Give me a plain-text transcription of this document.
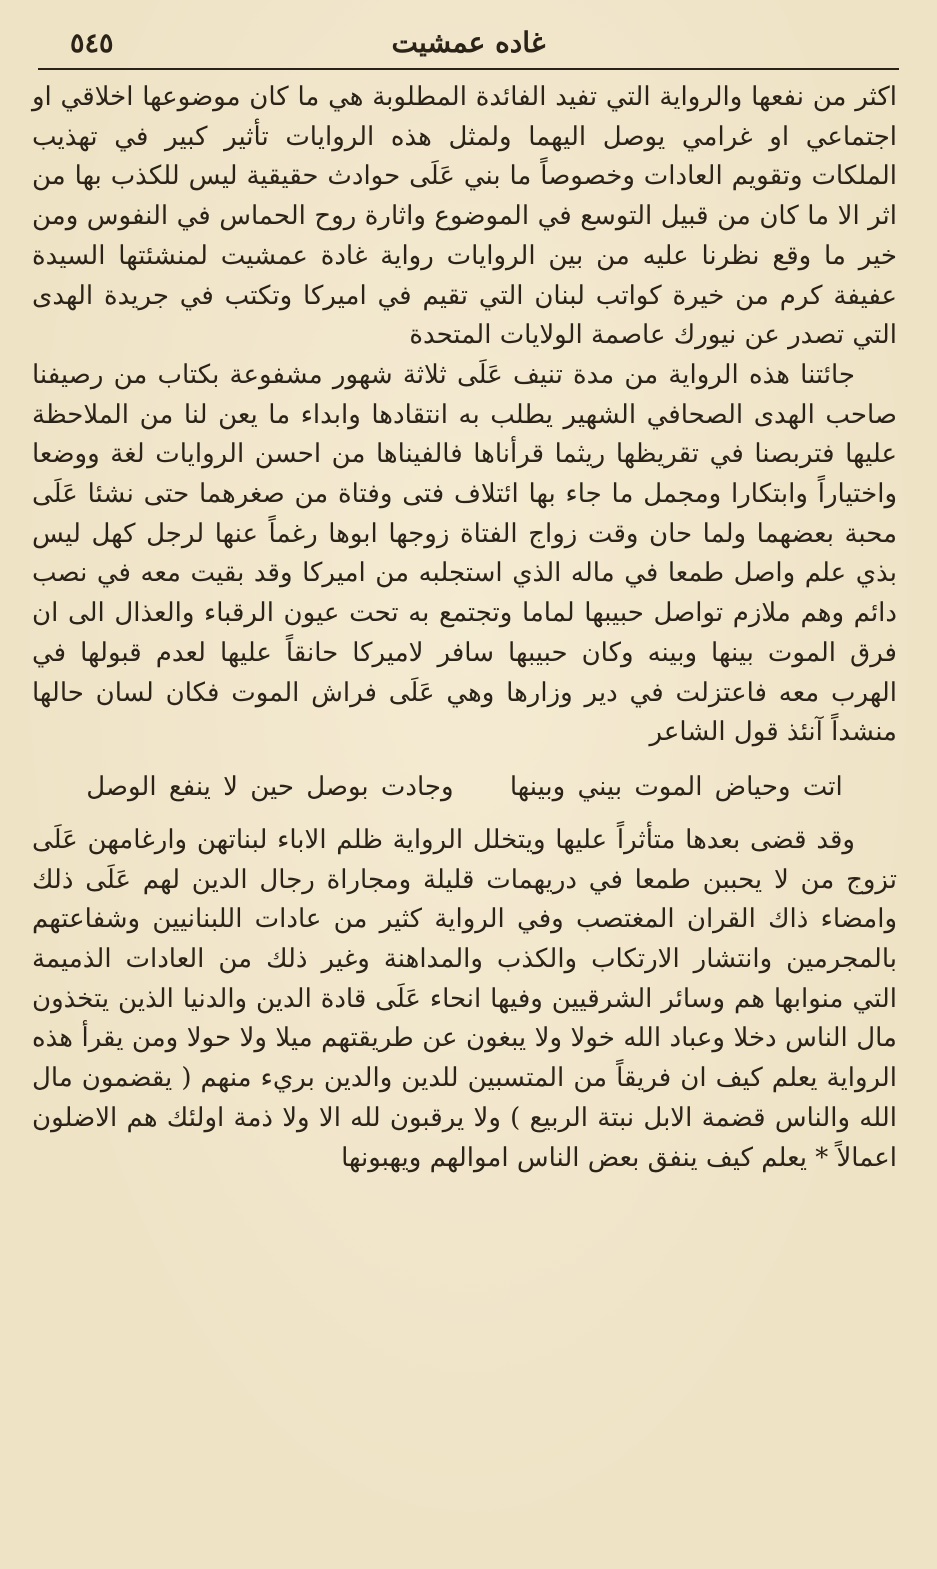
غاده عمشيت
٥٤٥

اكثر من نفعها والرواية التي تفيد الفائدة المطلوبة هي ما كان موضوعها اخلاقي او اجتماعي او غرامي يوصل اليهما ولمثل هذه الروايات تأثير كبير في تهذيب الملكات وتقويم العادات وخصوصاً ما بني عَلَى حوادث حقيقية ليس للكذب بها من اثر الا ما كان من قبيل التوسع في الموضوع واثارة روح الحماس في النفوس ومن خير ما وقع نظرنا عليه من بين الروايات رواية غادة عمشيت لمنشئتها السيدة عفيفة كرم من خيرة كواتب لبنان التي تقيم في اميركا وتكتب في جريدة الهدى التي تصدر عن نيورك عاصمة الولايات المتحدة

جائتنا هذه الرواية من مدة تنيف عَلَى ثلاثة شهور مشفوعة بكتاب من رصيفنا صاحب الهدى الصحافي الشهير يطلب به انتقادها وابداء ما يعن لنا من الملاحظة عليها فتربصنا في تقريظها ريثما قرأناها فالفيناها من احسن الروايات لغة ووضعا واختياراً وابتكارا ومجمل ما جاء بها ائتلاف فتى وفتاة من صغرهما حتى نشئا عَلَى محبة بعضهما ولما حان وقت زواج الفتاة زوجها ابوها رغماً عنها لرجل كهل ليس بذي علم واصل طمعا في ماله الذي استجلبه من اميركا وقد بقيت معه في نصب دائم وهم ملازم تواصل حبيبها لماما وتجتمع به تحت عيون الرقباء والعذال الى ان فرق الموت بينها وبينه وكان حبيبها سافر لاميركا حانقاً عليها لعدم قبولها في الهرب معه فاعتزلت في دير وزارها وهي عَلَى فراش الموت فكان لسان حالها منشداً آنئذ قول الشاعر

اتت وحياض الموت بيني وبينها وجادت بوصل حين لا ينفع الوصل

وقد قضى بعدها متأثراً عليها ويتخلل الرواية ظلم الاباء لبناتهن وارغامهن عَلَى تزوج من لا يحببن طمعا في دريهمات قليلة ومجاراة رجال الدين لهم عَلَى ذلك وامضاء ذاك القران المغتصب وفي الرواية كثير من عادات اللبنانيين وشفاعتهم بالمجرمين وانتشار الارتكاب والكذب والمداهنة وغير ذلك من العادات الذميمة التي منوابها هم وسائر الشرقيين وفيها انحاء عَلَى قادة الدين والدنيا الذين يتخذون مال الناس دخلا وعباد الله خولا ولا يبغون عن طريقتهم ميلا ولا حولا ومن يقرأ هذه الرواية يعلم كيف ان فريقاً من المتسبين للدين والدين بريء منهم ( يقضمون مال الله والناس قضمة الابل نبتة الربيع ) ولا يرقبون لله الا ولا ذمة اولئك هم الاضلون اعمالاً * يعلم كيف ينفق بعض الناس اموالهم ويهبونها
